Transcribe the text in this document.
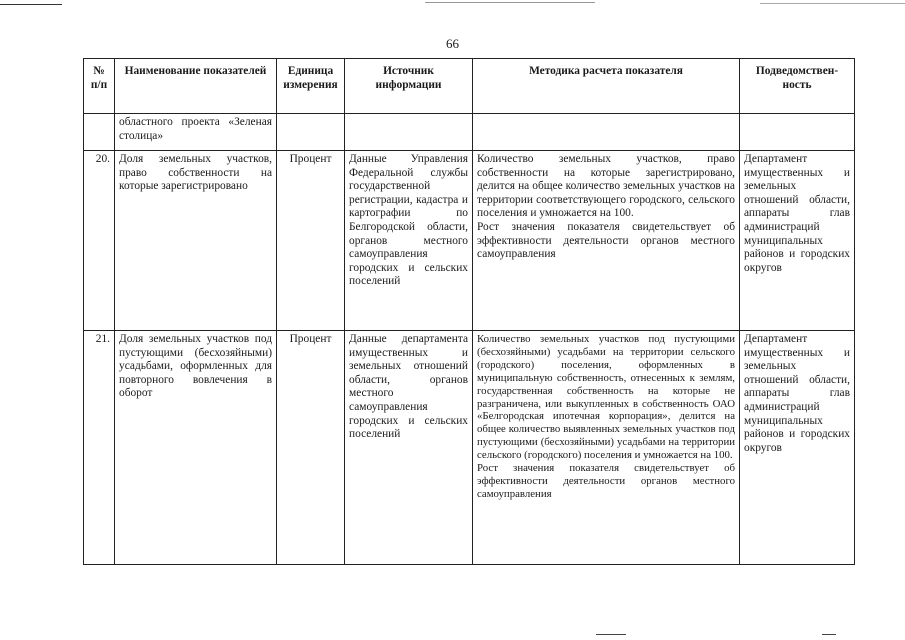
66
№ п/п	Наименование показателей	Единица измерения	Источник информации	Методика расчета показателя	Подведомствен-ность
	областного проекта «Зеленая столица»				
20.	Доля земельных участков, право собственности на которые зарегистрировано	Процент	Данные Управления Федеральной службы государственной регистрации, кадастра и картографии по Белгородской области, органов местного самоуправления городских и сельских поселений	Количество земельных участков, право собственности на которые зарегистрировано, делится на общее количество земельных участков на территории соответствующего городского, сельского поселения и умножается на 100.
Рост значения показателя свидетельствует об эффективности деятельности органов местного самоуправления	Департамент имущественных и земельных отношений области, аппараты глав администраций муниципальных районов и городских округов
21.	Доля земельных участков под пустующими (бесхозяйными) усадьбами, оформленных для повторного вовлечения в оборот	Процент	Данные департамента имущественных и земельных отношений области, органов местного самоуправления городских и сельских поселений	Количество земельных участков под пустующими (бесхозяйными) усадьбами на территории сельского (городского) поселения, оформленных в муниципальную собственность, отнесенных к землям, государственная собственность на которые не разграничена, или выкупленных в собственность ОАО «Белгородская ипотечная корпорация», делится на общее количество выявленных земельных участков под пустующими (бесхозяйными) усадьбами на территории сельского (городского) поселения и умножается на 100.
Рост значения показателя свидетельствует об эффективности деятельности органов местного самоуправления	Департамент имущественных и земельных отношений области, аппараты глав администраций муниципальных районов и городских округов
